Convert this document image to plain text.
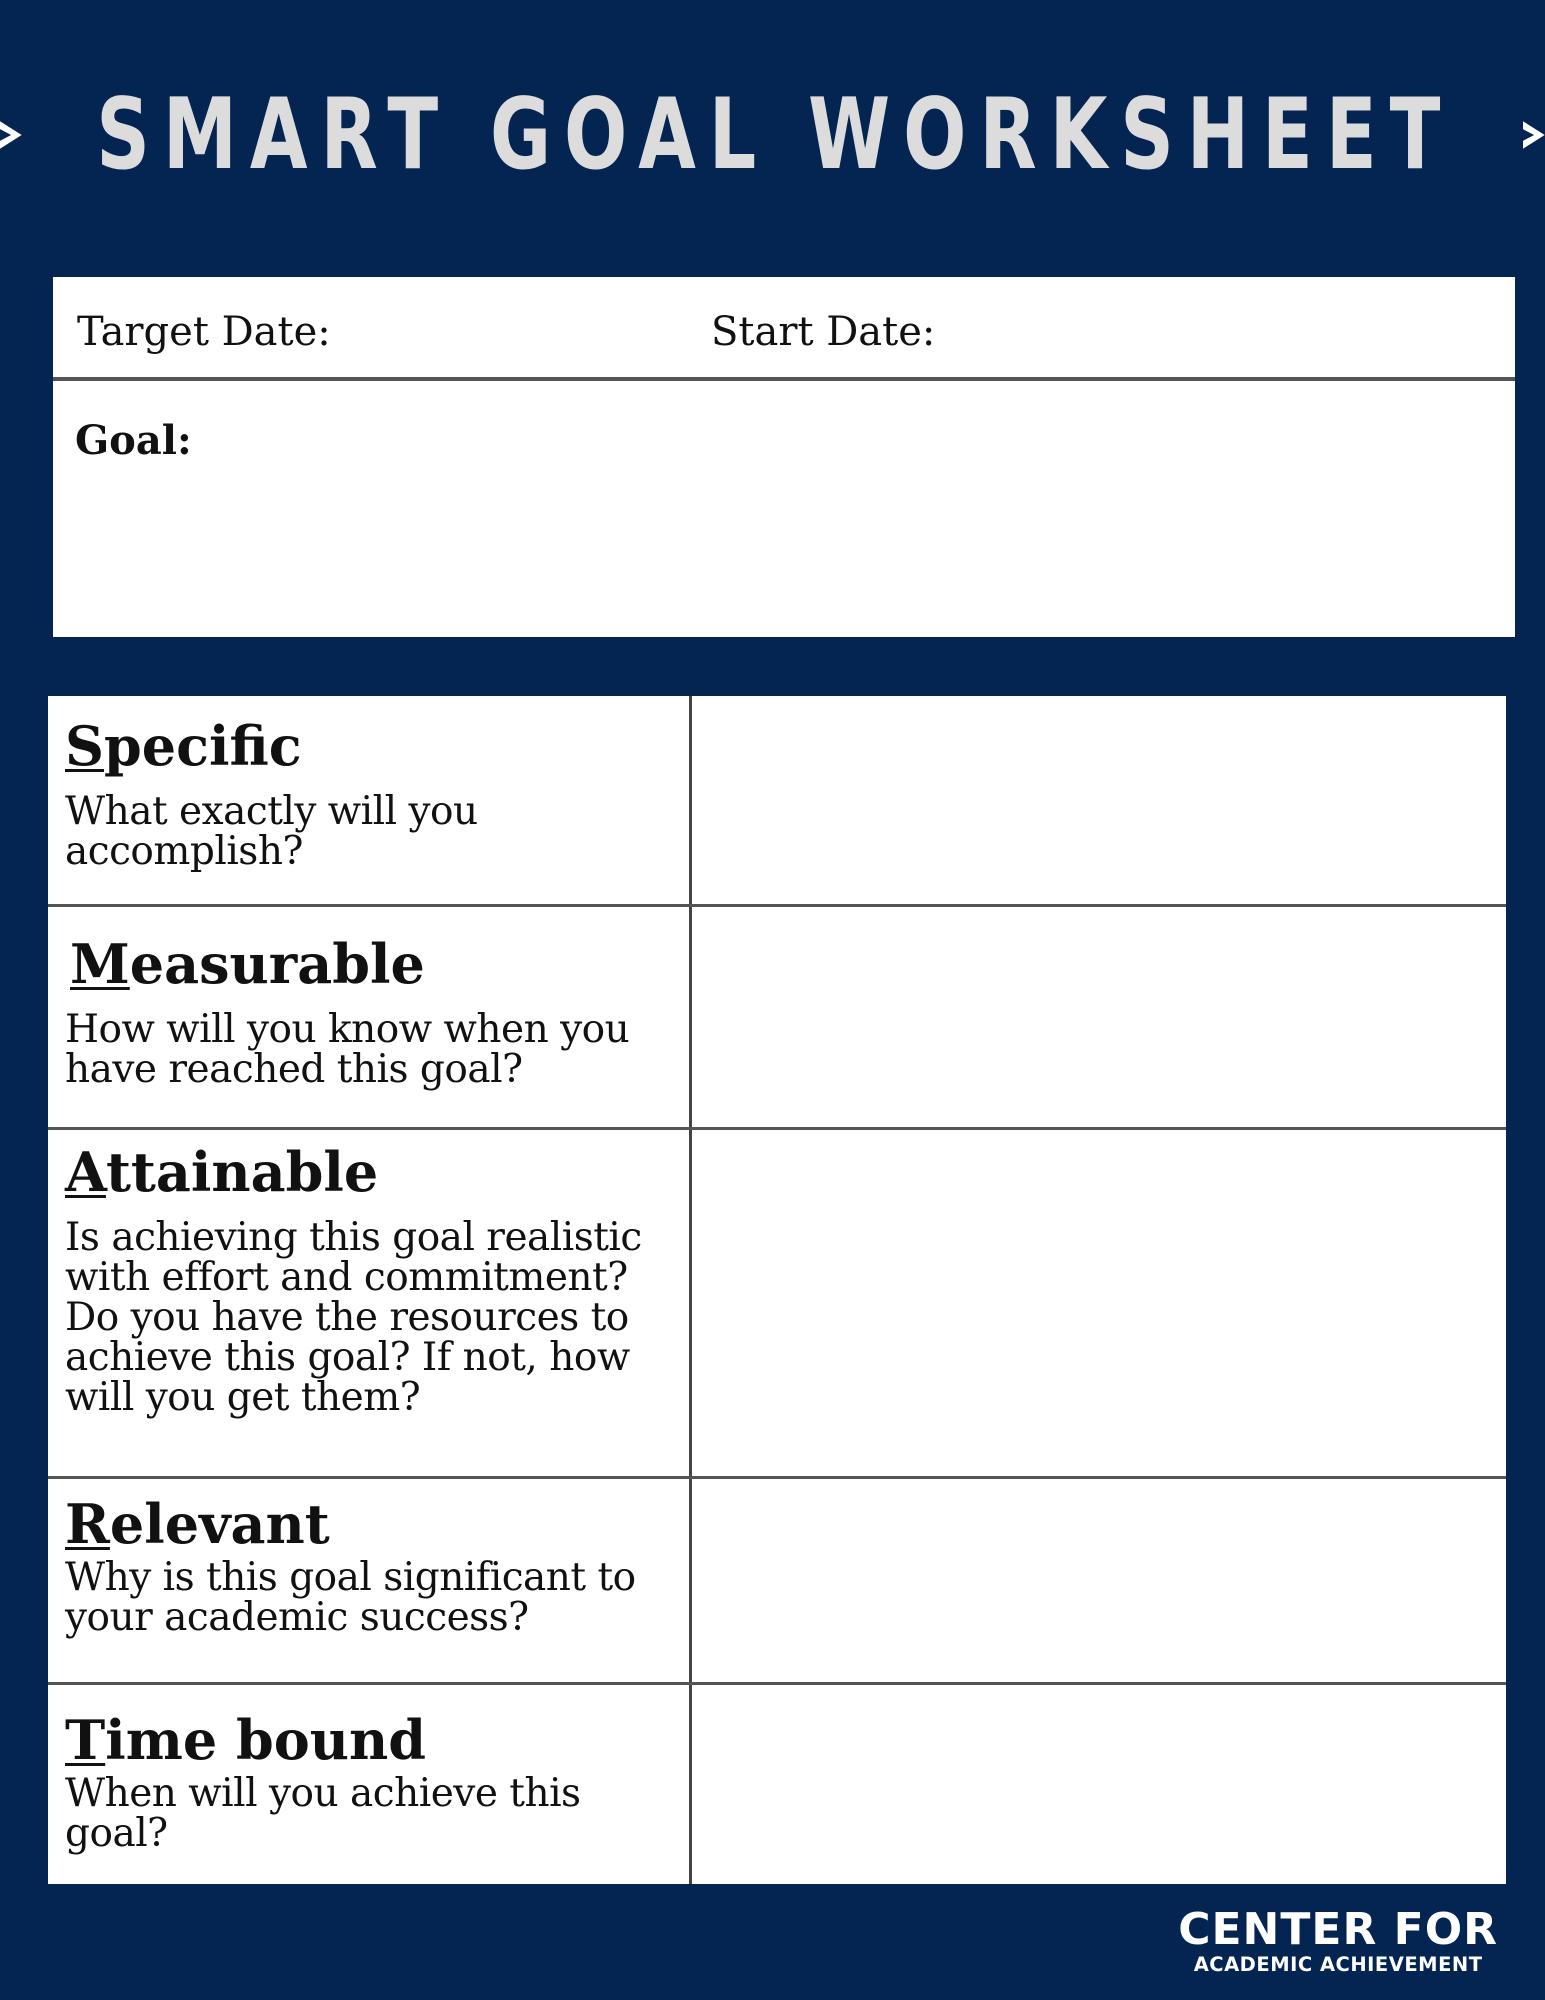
SMART GOAL WORKSHEET
Target Date:	Start Date:
Goal:
Specific
What exactly will you accomplish?
Measurable
How will you know when you have reached this goal?
Attainable
Is achieving this goal realistic with effort and commitment? Do you have the resources to achieve this goal? If not, how will you get them?
Relevant
Why is this goal significant to your academic success?
Time bound
When will you achieve this goal?
CENTER FOR
ACADEMIC ACHIEVEMENT
